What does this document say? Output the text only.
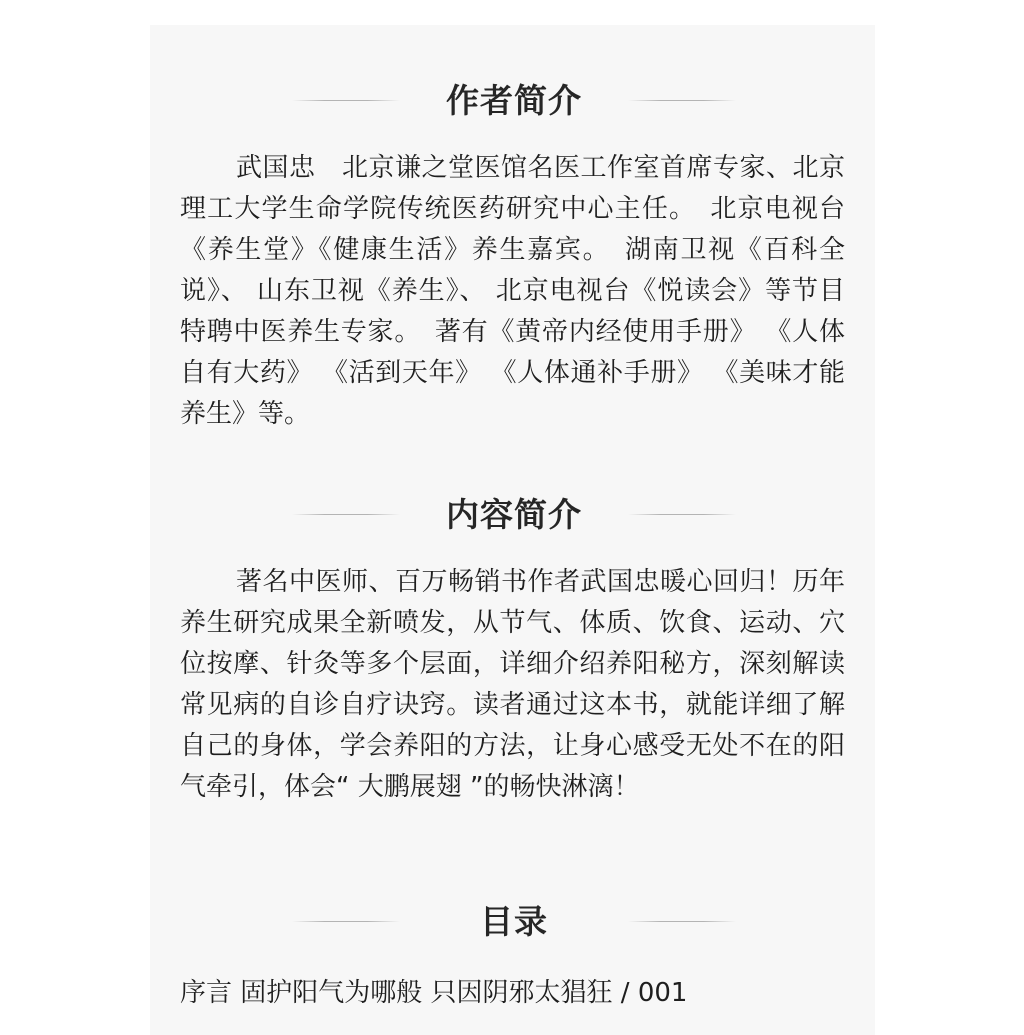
作者简介

武国忠　北京谦之堂医馆名医工作室首席专家、北京理工大学生命学院传统医药研究中心主任。　北京电视台《养生堂》《健康生活》养生嘉宾。　湖南卫视《百科全说》、 山东卫视《养生》、 北京电视台《悦读会》等节目特聘中医养生专家。　著有《黄帝内经使用手册》 《人体自有大药》 《活到天年》 《人体通补手册》 《美味才能养生》等。

内容简介

著名中医师、百万畅销书作者武国忠暖心回归！历年养生研究成果全新喷发，从节气、体质、饮食、运动、穴位按摩、针灸等多个层面，详细介绍养阳秘方，深刻解读常见病的自诊自疗诀窍。读者通过这本书，就能详细了解自己的身体，学会养阳的方法，让身心感受无处不在的阳气牵引，体会“ 大鹏展翅 ”的畅快淋漓！

目录
序言 固护阳气为哪般 只因阴邪太猖狂 / 001	jingheapp0x
